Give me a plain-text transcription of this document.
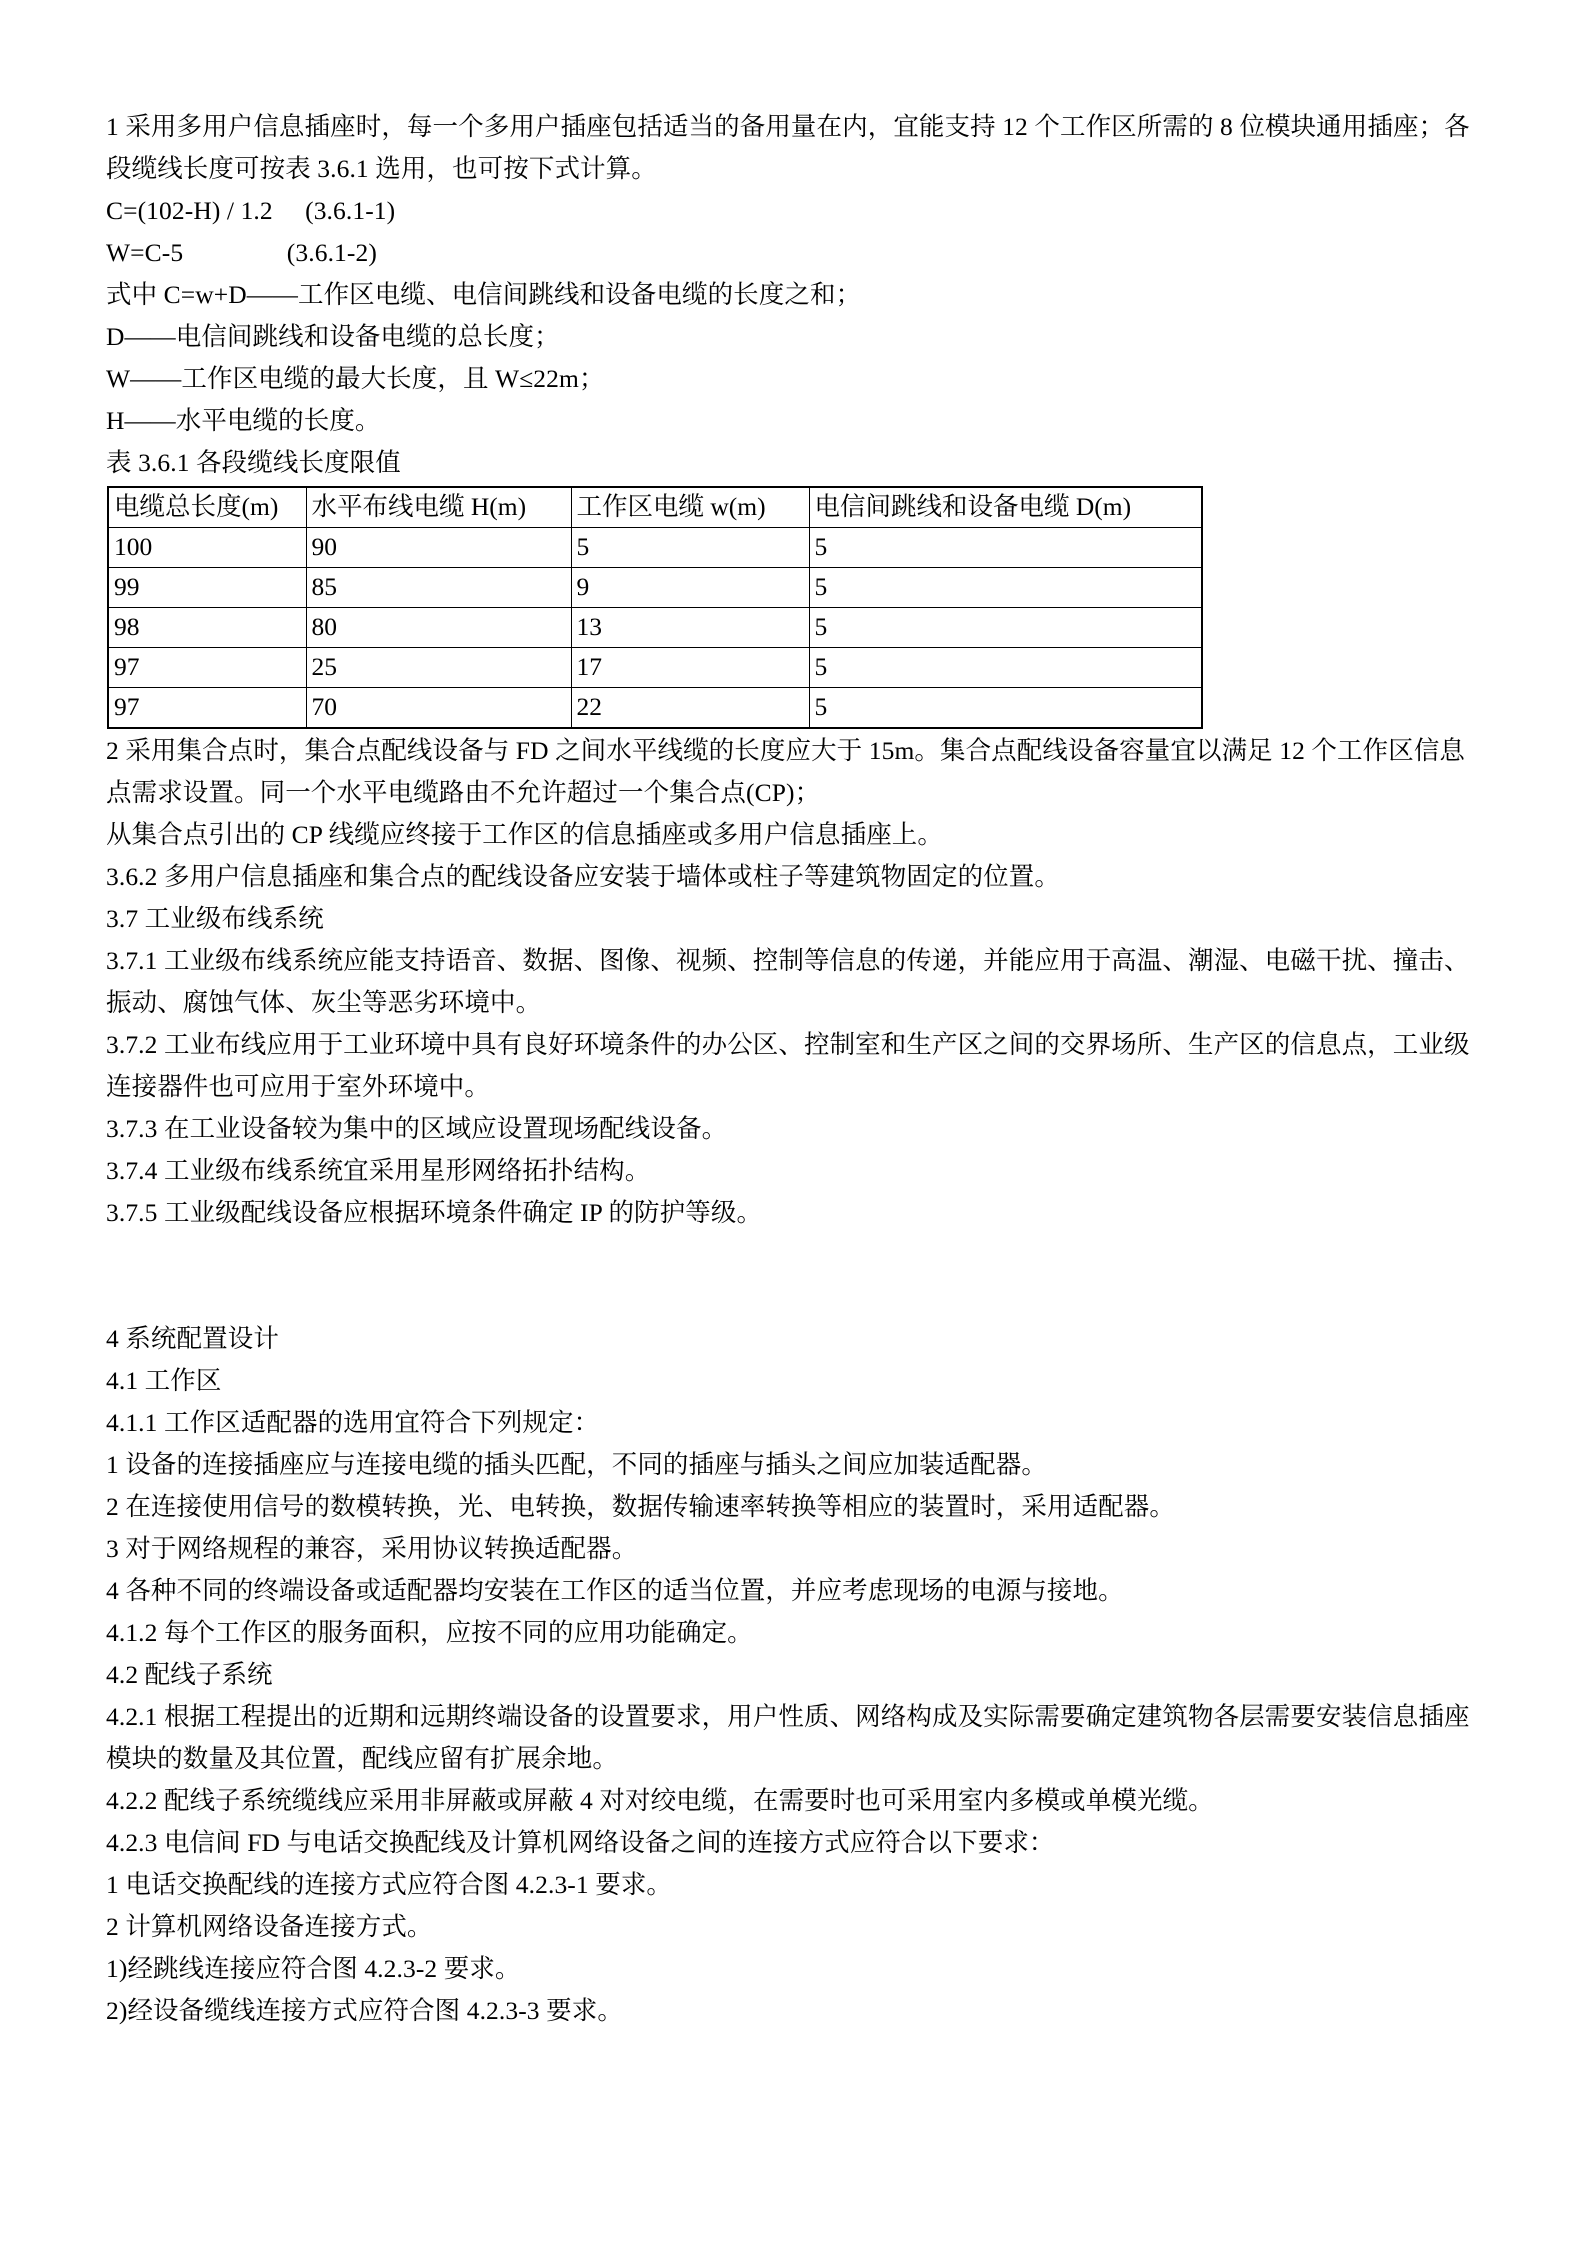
1 采用多用户信息插座时，每一个多用户插座包括适当的备用量在内，宜能支持 12 个工作区所需的 8 位模块通用插座；各段缆线长度可按表 3.6.1 选用，也可按下式计算。
C=(102-H) / 1.2     (3.6.1-1)
W=C-5                (3.6.1-2)
式中 C=w+D——工作区电缆、电信间跳线和设备电缆的长度之和；
D——电信间跳线和设备电缆的总长度；
W——工作区电缆的最大长度，且 W≤22m；
H——水平电缆的长度。
表 3.6.1 各段缆线长度限值
电缆总长度(m)	水平布线电缆 H(m)	工作区电缆 w(m)	电信间跳线和设备电缆 D(m)
100	90	5	5
99	85	9	5
98	80	13	5
97	25	17	5
97	70	22	5
2 采用集合点时，集合点配线设备与 FD 之间水平线缆的长度应大于 15m。集合点配线设备容量宜以满足 12 个工作区信息点需求设置。同一个水平电缆路由不允许超过一个集合点(CP)；
从集合点引出的 CP 线缆应终接于工作区的信息插座或多用户信息插座上。
3.6.2 多用户信息插座和集合点的配线设备应安装于墙体或柱子等建筑物固定的位置。
3.7 工业级布线系统
3.7.1 工业级布线系统应能支持语音、数据、图像、视频、控制等信息的传递，并能应用于高温、潮湿、电磁干扰、撞击、振动、腐蚀气体、灰尘等恶劣环境中。
3.7.2 工业布线应用于工业环境中具有良好环境条件的办公区、控制室和生产区之间的交界场所、生产区的信息点，工业级连接器件也可应用于室外环境中。
3.7.3 在工业设备较为集中的区域应设置现场配线设备。
3.7.4 工业级布线系统宜采用星形网络拓扑结构。
3.7.5 工业级配线设备应根据环境条件确定 IP 的防护等级。
4 系统配置设计
4.1 工作区
4.1.1 工作区适配器的选用宜符合下列规定：
1 设备的连接插座应与连接电缆的插头匹配，不同的插座与插头之间应加装适配器。
2 在连接使用信号的数模转换，光、电转换，数据传输速率转换等相应的装置时，采用适配器。
3 对于网络规程的兼容，采用协议转换适配器。
4 各种不同的终端设备或适配器均安装在工作区的适当位置，并应考虑现场的电源与接地。
4.1.2 每个工作区的服务面积，应按不同的应用功能确定。
4.2 配线子系统
4.2.1 根据工程提出的近期和远期终端设备的设置要求，用户性质、网络构成及实际需要确定建筑物各层需要安装信息插座模块的数量及其位置，配线应留有扩展余地。
4.2.2 配线子系统缆线应采用非屏蔽或屏蔽 4 对对绞电缆，在需要时也可采用室内多模或单模光缆。
4.2.3 电信间 FD 与电话交换配线及计算机网络设备之间的连接方式应符合以下要求：
1 电话交换配线的连接方式应符合图 4.2.3-1 要求。
2 计算机网络设备连接方式。
1)经跳线连接应符合图 4.2.3-2 要求。
2)经设备缆线连接方式应符合图 4.2.3-3 要求。
